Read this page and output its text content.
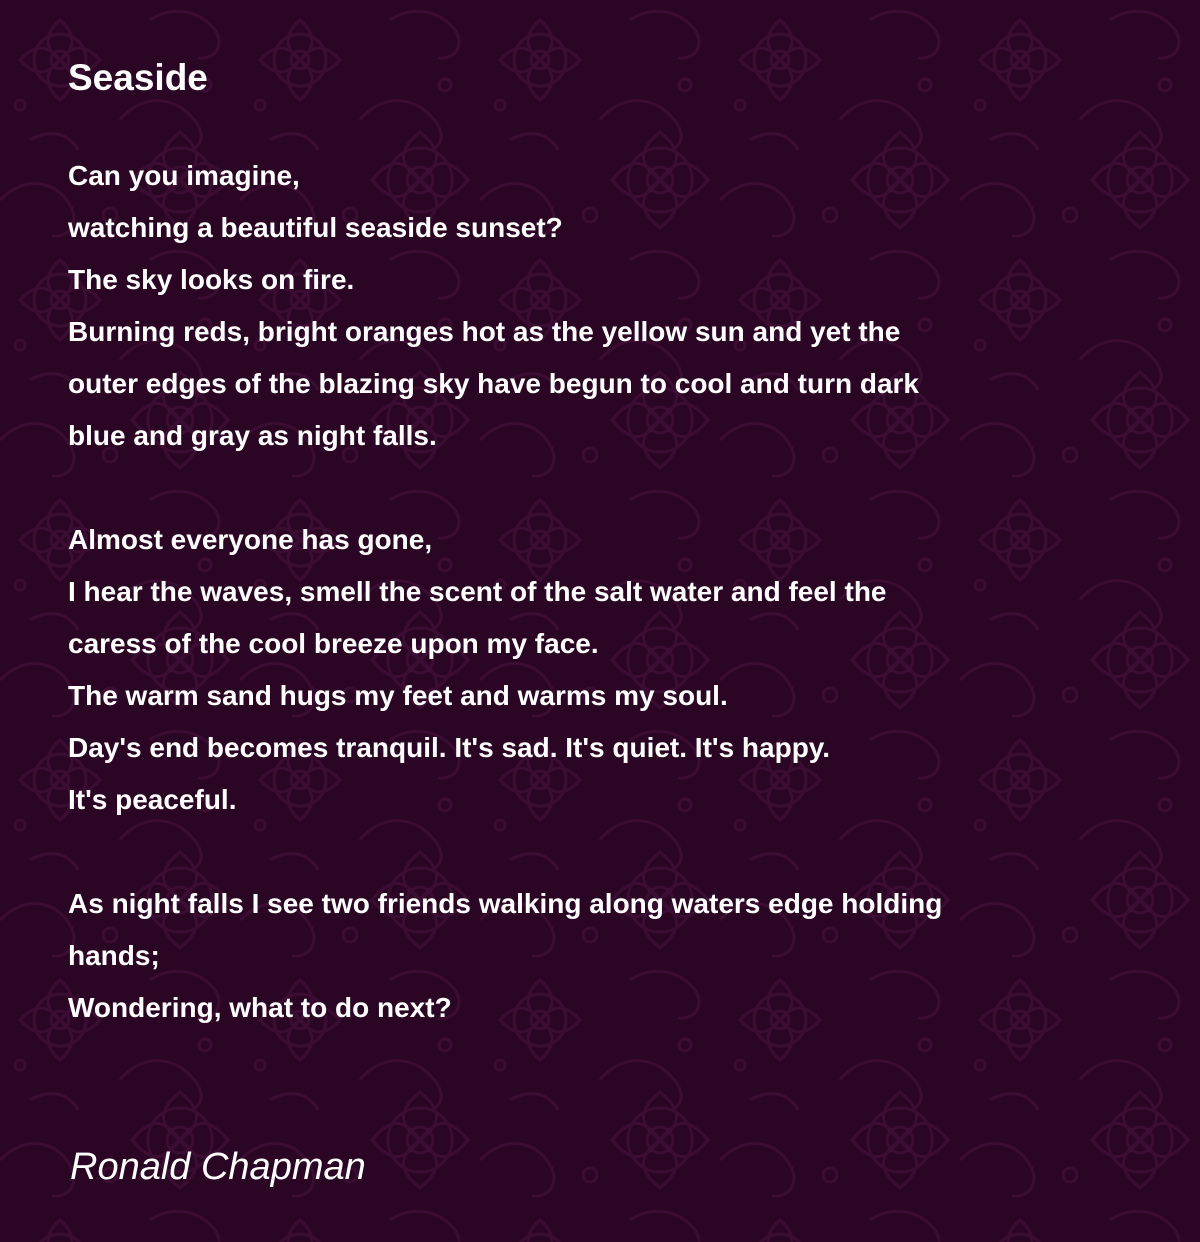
Seaside
Can you imagine,
watching a beautiful seaside sunset?
The sky looks on fire.
Burning reds, bright oranges hot as the yellow sun and yet the
outer edges of the blazing sky have begun to cool and turn dark
blue and gray as night falls.
Almost everyone has gone,
I hear the waves, smell the scent of the salt water and feel the
caress of the cool breeze upon my face.
The warm sand hugs my feet and warms my soul.
Day's end becomes tranquil. It's sad. It's quiet. It's happy.
It's peaceful.
As night falls I see two friends walking along waters edge holding
hands;
Wondering, what to do next?
Ronald Chapman
